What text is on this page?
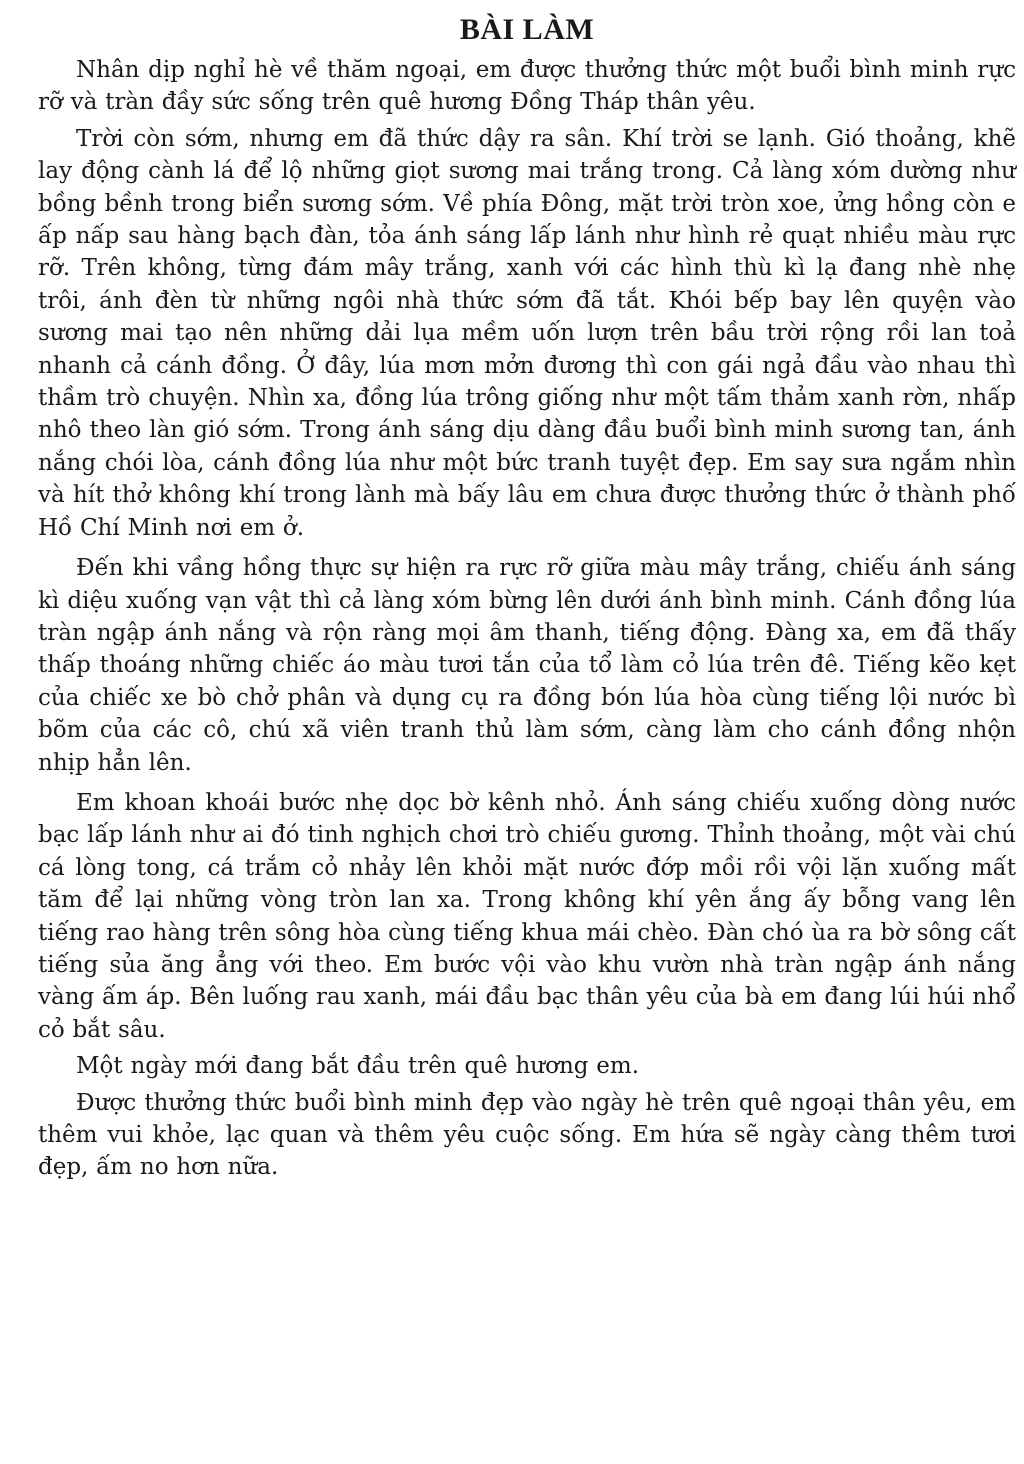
BÀI LÀM

Nhân dịp nghỉ hè về thăm ngoại, em được thưởng thức một buổi bình minh rực rỡ và tràn đầy sức sống trên quê hương Đồng Tháp thân yêu.

Trời còn sớm, nhưng em đã thức dậy ra sân. Khí trời se lạnh. Gió thoảng, khẽ lay động cành lá để lộ những giọt sương mai trắng trong. Cả làng xóm dường như bồng bềnh trong biển sương sớm. Về phía Đông, mặt trời tròn xoe, ửng hồng còn e ấp nấp sau hàng bạch đàn, tỏa ánh sáng lấp lánh như hình rẻ quạt nhiều màu rực rỡ. Trên không, từng đám mây trắng, xanh với các hình thù kì lạ đang nhè nhẹ trôi, ánh đèn từ những ngôi nhà thức sớm đã tắt. Khói bếp bay lên quyện vào sương mai tạo nên những dải lụa mềm uốn lượn trên bầu trời rộng rồi lan toả nhanh cả cánh đồng. Ở đây, lúa mơn mởn đương thì con gái ngả đầu vào nhau thì thầm trò chuyện. Nhìn xa, đồng lúa trông giống như một tấm thảm xanh rờn, nhấp nhô theo làn gió sớm. Trong ánh sáng dịu dàng đầu buổi bình minh sương tan, ánh nắng chói lòa, cánh đồng lúa như một bức tranh tuyệt đẹp. Em say sưa ngắm nhìn và hít thở không khí trong lành mà bấy lâu em chưa được thưởng thức ở thành phố Hồ Chí Minh nơi em ở.

Đến khi vầng hồng thực sự hiện ra rực rỡ giữa màu mây trắng, chiếu ánh sáng kì diệu xuống vạn vật thì cả làng xóm bừng lên dưới ánh bình minh. Cánh đồng lúa tràn ngập ánh nắng và rộn ràng mọi âm thanh, tiếng động. Đàng xa, em đã thấy thấp thoáng những chiếc áo màu tươi tắn của tổ làm cỏ lúa trên đê. Tiếng kẽo kẹt của chiếc xe bò chở phân và dụng cụ ra đồng bón lúa hòa cùng tiếng lội nước bì bõm của các cô, chú xã viên tranh thủ làm sớm, càng làm cho cánh đồng nhộn nhịp hẳn lên.

Em khoan khoái bước nhẹ dọc bờ kênh nhỏ. Ánh sáng chiếu xuống dòng nước bạc lấp lánh như ai đó tinh nghịch chơi trò chiếu gương. Thỉnh thoảng, một vài chú cá lòng tong, cá trắm cỏ nhảy lên khỏi mặt nước đớp mồi rồi vội lặn xuống mất tăm để lại những vòng tròn lan xa. Trong không khí yên ắng ấy bỗng vang lên tiếng rao hàng trên sông hòa cùng tiếng khua mái chèo. Đàn chó ùa ra bờ sông cất tiếng sủa ăng ẳng với theo. Em bước vội vào khu vườn nhà tràn ngập ánh nắng vàng ấm áp. Bên luống rau xanh, mái đầu bạc thân yêu của bà em đang lúi húi nhổ cỏ bắt sâu.

Một ngày mới đang bắt đầu trên quê hương em.

Được thưởng thức buổi bình minh đẹp vào ngày hè trên quê ngoại thân yêu, em thêm vui khỏe, lạc quan và thêm yêu cuộc sống. Em hứa sẽ ngày càng thêm tươi đẹp, ấm no hơn nữa.
